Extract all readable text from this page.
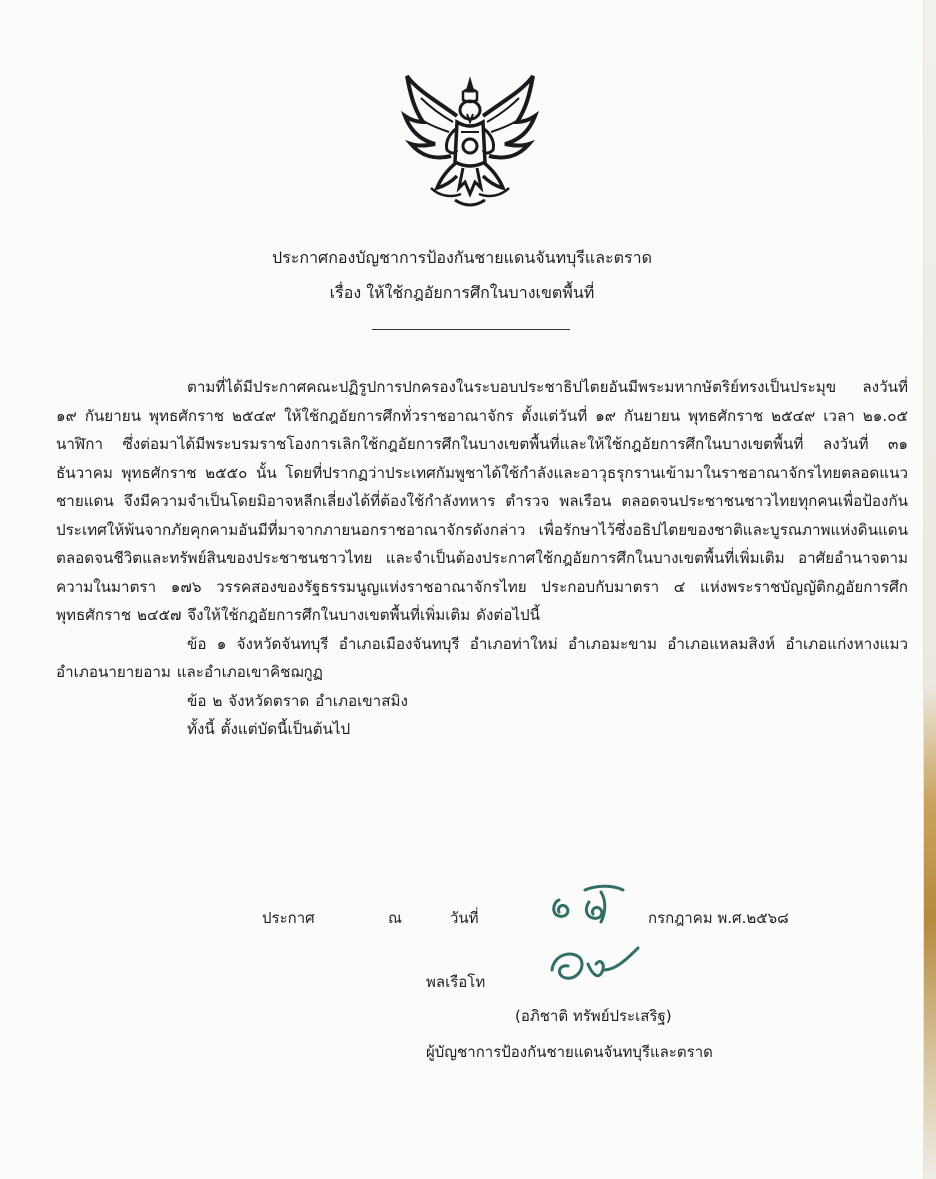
ประกาศกองบัญชาการป้องกันชายแดนจันทบุรีและตราด
เรื่อง ให้ใช้กฎอัยการศึกในบางเขตพื้นที่

ตามที่ได้มีประกาศคณะปฏิรูปการปกครองในระบอบประชาธิปไตยอันมีพระมหากษัตริย์ทรงเป็นประมุข ลงวันที่ ๑๙ กันยายน พุทธศักราช ๒๕๔๙ ให้ใช้กฎอัยการศึกทั่วราชอาณาจักร ตั้งแต่วันที่ ๑๙ กันยายน พุทธศักราช ๒๕๔๙ เวลา ๒๑.๐๕ นาฬิกา ซึ่งต่อมาได้มีพระบรมราชโองการเลิกใช้กฎอัยการศึกในบางเขตพื้นที่และให้ใช้กฎอัยการศึกในบางเขตพื้นที่ ลงวันที่ ๓๑ ธันวาคม พุทธศักราช ๒๕๕๐ นั้น โดยที่ปรากฏว่าประเทศกัมพูชาได้ใช้กำลังและอาวุธรุกรานเข้ามาในราชอาณาจักรไทยตลอดแนวชายแดน จึงมีความจำเป็นโดยมิอาจหลีกเลี่ยงได้ที่ต้องใช้กำลังทหาร ตำรวจ พลเรือน ตลอดจนประชาชนชาวไทยทุกคนเพื่อป้องกันประเทศให้พ้นจากภัยคุกคามอันมีที่มาจากภายนอกราชอาณาจักรดังกล่าว เพื่อรักษาไว้ซึ่งอธิปไตยของชาติและบูรณภาพแห่งดินแดน ตลอดจนชีวิตและทรัพย์สินของประชาชนชาวไทย และจำเป็นต้องประกาศใช้กฎอัยการศึกในบางเขตพื้นที่เพิ่มเติม อาศัยอำนาจตามความในมาตรา ๑๗๖ วรรคสองของรัฐธรรมนูญแห่งราชอาณาจักรไทย ประกอบกับมาตรา ๔ แห่งพระราชบัญญัติกฎอัยการศึก พุทธศักราช ๒๔๕๗ จึงให้ใช้กฎอัยการศึกในบางเขตพื้นที่เพิ่มเติม ดังต่อไปนี้

ข้อ ๑ จังหวัดจันทบุรี อำเภอเมืองจันทบุรี อำเภอท่าใหม่ อำเภอมะขาม อำเภอแหลมสิงห์ อำเภอแก่งหางแมว อำเภอนายายอาม และอำเภอเขาคิชฌกูฏ

ข้อ ๒ จังหวัดตราด อำเภอเขาสมิง

ทั้งนี้ ตั้งแต่บัดนี้เป็นต้นไป

ประกาศ	ณ	วันที่	กรกฎาคม พ.ศ.๒๕๖๘
พลเรือโท
(อภิชาติ ทรัพย์ประเสริฐ)
ผู้บัญชาการป้องกันชายแดนจันทบุรีและตราด
